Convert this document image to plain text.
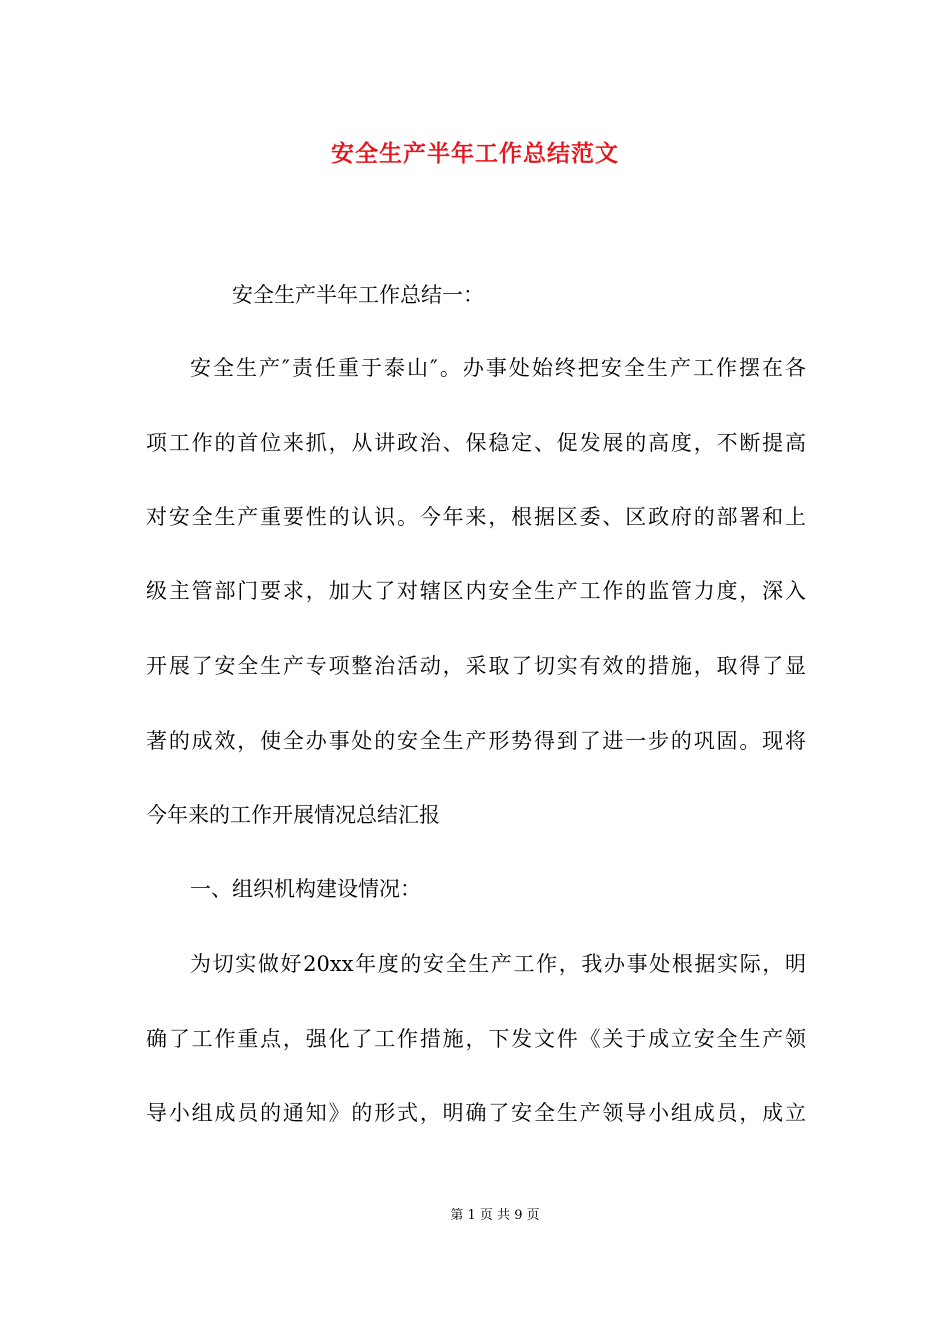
安全生产半年工作总结范文
安全生产半年工作总结一：
安全生产″责任重于泰山″。办事处始终把安全生产工作摆在各
项工作的首位来抓，从讲政治、保稳定、促发展的高度，不断提高
对安全生产重要性的认识。今年来，根据区委、区政府的部署和上
级主管部门要求，加大了对辖区内安全生产工作的监管力度，深入
开展了安全生产专项整治活动，采取了切实有效的措施，取得了显
著的成效，使全办事处的安全生产形势得到了进一步的巩固。现将
今年来的工作开展情况总结汇报
一、组织机构建设情况：
为切实做好20xx年度的安全生产工作，我办事处根据实际，明
确了工作重点，强化了工作措施，下发文件《关于成立安全生产领
导小组成员的通知》的形式，明确了安全生产领导小组成员，成立
第 1 页 共 9 页
